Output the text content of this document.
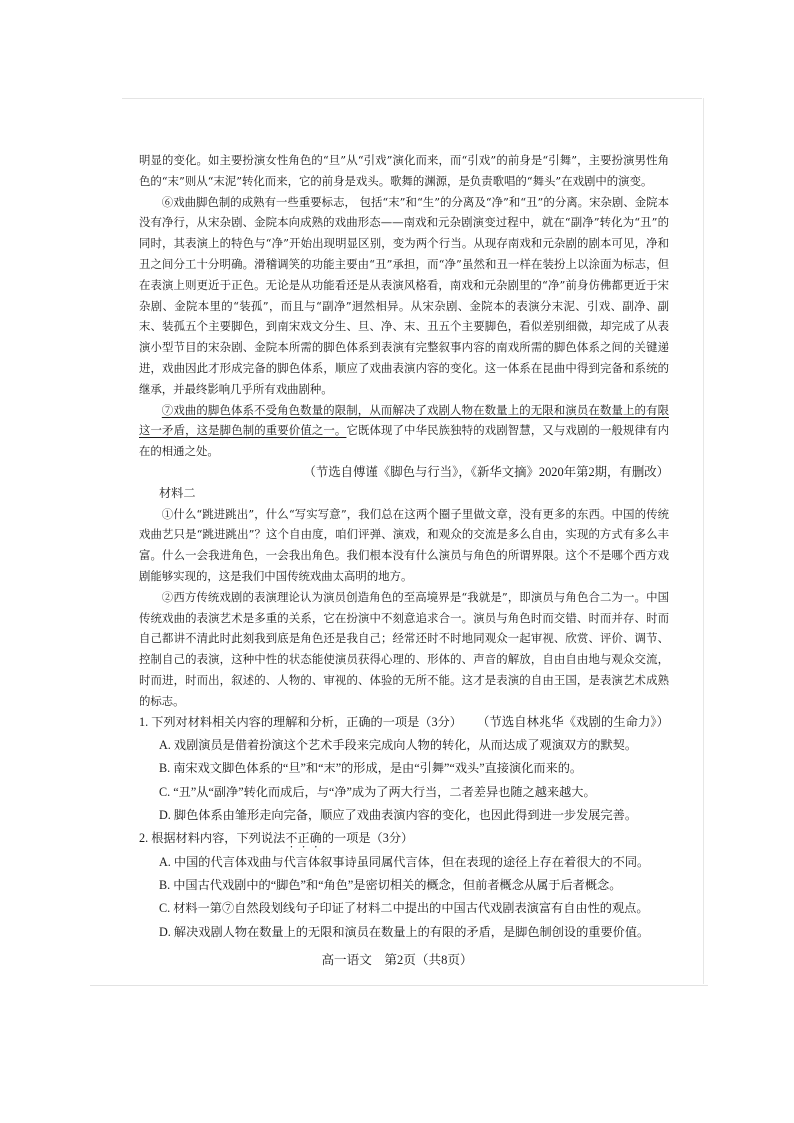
明显的变化。如主要扮演女性角色的“旦”从“引戏”演化而来，而“引戏”的前身是“引舞”，主要扮演男性角色的“末”则从“末泥”转化而来，它的前身是戏头。歌舞的渊源，是负责歌唱的“舞头”在戏剧中的演变。

⑥戏曲脚色制的成熟有一些重要标志， 包括“末”和“生”的分离及“净”和“丑”的分离。宋杂剧、金院本没有净行，从宋杂剧、金院本向成熟的戏曲形态——南戏和元杂剧演变过程中，就在“副净”转化为“丑”的同时，其表演上的特色与“净”开始出现明显区别，变为两个行当。从现存南戏和元杂剧的剧本可见，净和丑之间分工十分明确。滑稽调笑的功能主要由“丑”承担，而“净”虽然和丑一样在装扮上以涂面为标志，但在表演上则更近于正色。无论是从功能看还是从表演风格看，南戏和元杂剧里的“净”前身仿佛都更近于宋杂剧、金院本里的“装孤”，而且与“副净”迥然相异。从宋杂剧、金院本的表演分末泥、引戏、副净、副末、装孤五个主要脚色，到南宋戏文分生、旦、净、末、丑五个主要脚色，看似差别细微，却完成了从表演小型节目的宋杂剧、金院本所需的脚色体系到表演有完整叙事内容的南戏所需的脚色体系之间的关键递进，戏曲因此才形成完备的脚色体系，顺应了戏曲表演内容的变化。这一体系在昆曲中得到完备和系统的继承，并最终影响几乎所有戏曲剧种。

⑦戏曲的脚色体系不受角色数量的限制，从而解决了戏剧人物在数量上的无限和演员在数量上的有限这一矛盾，这是脚色制的重要价值之一。它既体现了中华民族独特的戏剧智慧，又与戏剧的一般规律有内在的相通之处。

（节选自傅谨《脚色与行当》，《新华文摘》2020年第2期，有删改）

材料二

①什么“跳进跳出”，什么“写实写意”，我们总在这两个圈子里做文章，没有更多的东西。中国的传统戏曲艺只是“跳进跳出”？这个自由度，咱们评弹、演戏，和观众的交流是多么自由，实现的方式有多么丰富。什么一会我进角色，一会我出角色。我们根本没有什么演员与角色的所谓界限。这个不是哪个西方戏剧能够实现的，这是我们中国传统戏曲太高明的地方。

②西方传统戏剧的表演理论认为演员创造角色的至高境界是“我就是”，即演员与角色合二为一。中国传统戏曲的表演艺术是多重的关系，它在扮演中不刻意追求合一。演员与角色时而交错、时而并存、时而自己都讲不清此时此刻我到底是角色还是我自己；经常还时不时地同观众一起审视、欣赏、评价、调节、控制自己的表演，这种中性的状态能使演员获得心理的、形体的、声音的解放，自由自由地与观众交流，时而进，时而出，叙述的、人物的、审视的、体验的无所不能。这才是表演的自由王国，是表演艺术成熟的标志。

（节选自林兆华《戏剧的生命力》）

1. 下列对材料相关内容的理解和分析，正确的一项是（3分）

A. 戏剧演员是借着扮演这个艺术手段来完成向人物的转化，从而达成了观演双方的默契。

B. 南宋戏文脚色体系的“旦”和“末”的形成，是由“引舞”“戏头”直接演化而来的。

C. “丑”从“副净”转化而成后，与“净”成为了两大行当，二者差异也随之越来越大。

D. 脚色体系由雏形走向完备，顺应了戏曲表演内容的变化，也因此得到进一步发展完善。

2. 根据材料内容，下列说法不正确的一项是（3分）

A. 中国的代言体戏曲与代言体叙事诗虽同属代言体，但在表现的途径上存在着很大的不同。

B. 中国古代戏剧中的“脚色”和“角色”是密切相关的概念，但前者概念从属于后者概念。

C. 材料一第⑦自然段划线句子印证了材料二中提出的中国古代戏剧表演富有自由性的观点。

D. 解决戏剧人物在数量上的无限和演员在数量上的有限的矛盾，是脚色制创设的重要价值。

高一语文　第2页（共8页）
